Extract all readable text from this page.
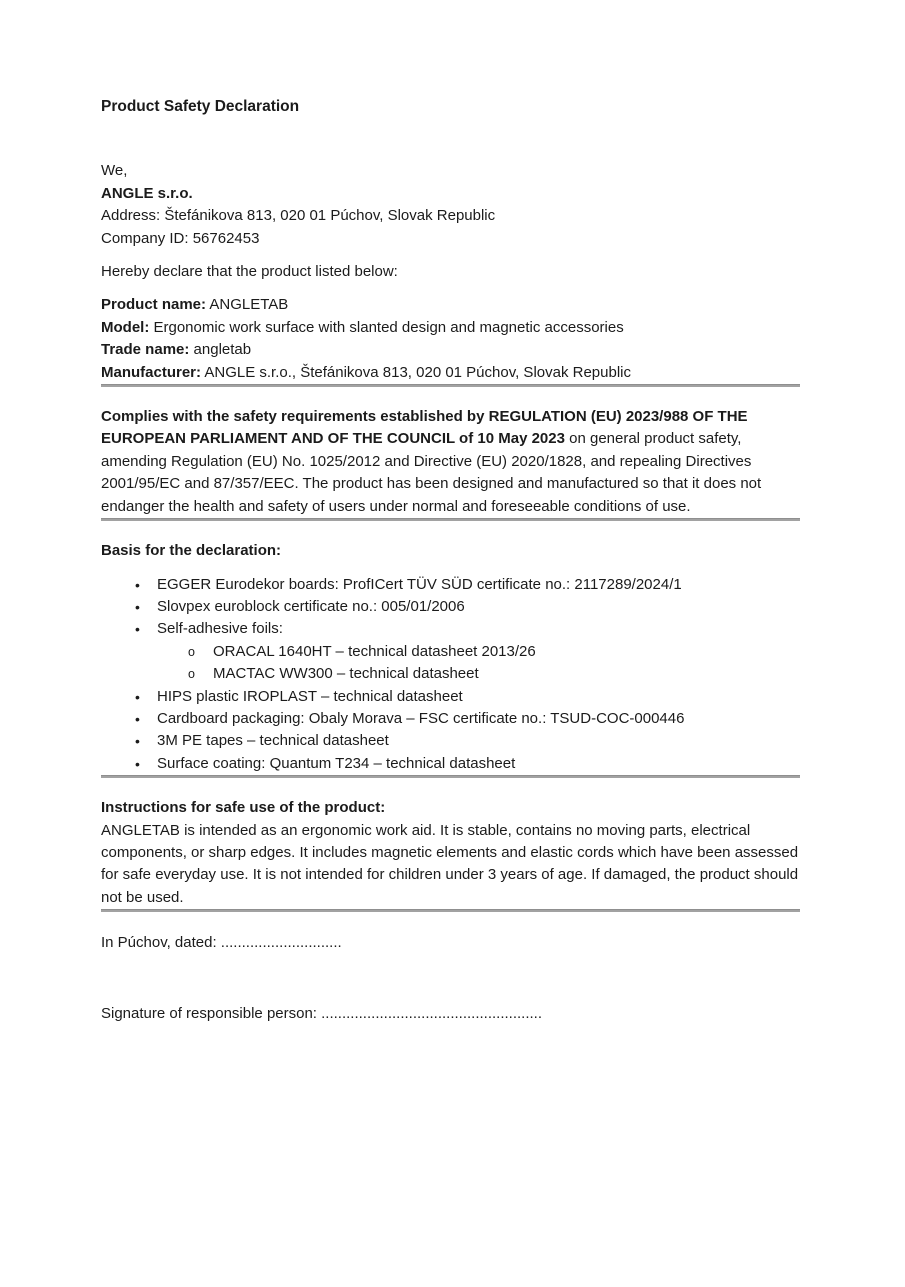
Product Safety Declaration
We,
ANGLE s.r.o.
Address: Štefánikova 813, 020 01 Púchov, Slovak Republic
Company ID: 56762453

Hereby declare that the product listed below:

Product name: ANGLETAB
Model: Ergonomic work surface with slanted design and magnetic accessories
Trade name: angletab
Manufacturer: ANGLE s.r.o., Štefánikova 813, 020 01 Púchov, Slovak Republic

Complies with the safety requirements established by REGULATION (EU) 2023/988 OF THE EUROPEAN PARLIAMENT AND OF THE COUNCIL of 10 May 2023 on general product safety, amending Regulation (EU) No. 1025/2012 and Directive (EU) 2020/1828, and repealing Directives 2001/95/EC and 87/357/EEC. The product has been designed and manufactured so that it does not endanger the health and safety of users under normal and foreseeable conditions of use.

Basis for the declaration:

• EGGER Eurodekor boards: ProfICert TÜV SÜD certificate no.: 2117289/2024/1
• Slovpex euroblock certificate no.: 005/01/2006
• Self-adhesive foils:
o ORACAL 1640HT – technical datasheet 2013/26
o MACTAC WW300 – technical datasheet
• HIPS plastic IROPLAST – technical datasheet
• Cardboard packaging: Obaly Morava – FSC certificate no.: TSUD-COC-000446
• 3M PE tapes – technical datasheet
• Surface coating: Quantum T234 – technical datasheet
Instructions for safe use of the product:
ANGLETAB is intended as an ergonomic work aid. It is stable, contains no moving parts, electrical components, or sharp edges. It includes magnetic elements and elastic cords which have been assessed for safe everyday use. It is not intended for children under 3 years of age. If damaged, the product should not be used.
In Púchov, dated: .............................
Signature of responsible person: .....................................................
